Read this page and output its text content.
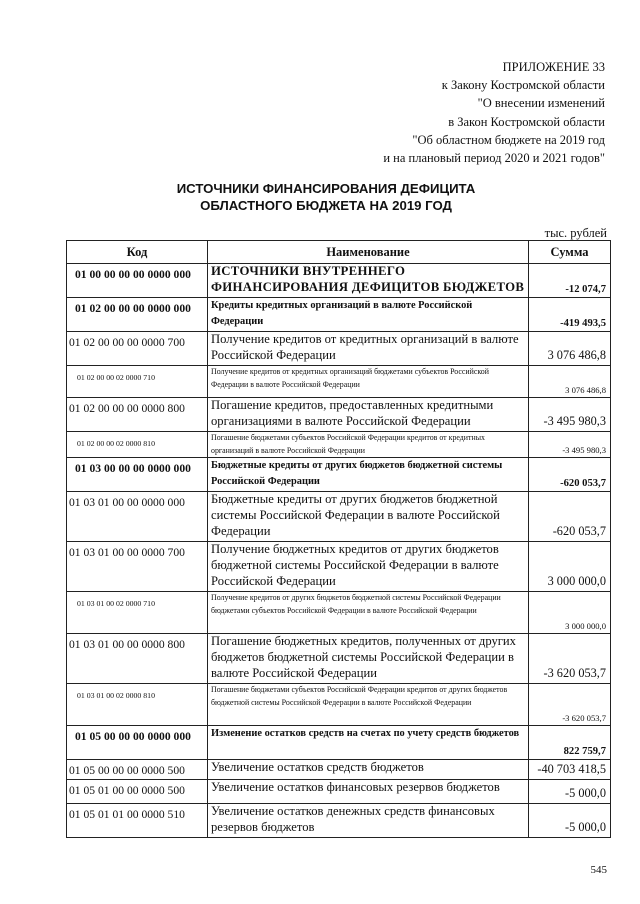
ПРИЛОЖЕНИЕ 33
к Закону Костромской области
"О внесении изменений
в Закон Костромской области
"Об областном бюджете на 2019 год
и на плановый период 2020 и 2021 годов"
ИСТОЧНИКИ ФИНАНСИРОВАНИЯ ДЕФИЦИТА
ОБЛАСТНОГО БЮДЖЕТА НА 2019 ГОД
тыс. рублей
Код	Наименование	Сумма
01 00 00 00 00 0000 000	ИСТОЧНИКИ ВНУТРЕННЕГО ФИНАНСИРОВАНИЯ ДЕФИЦИТОВ БЮДЖЕТОВ	-12 074,7
01 02 00 00 00 0000 000	Кредиты кредитных организаций в валюте Российской Федерации	-419 493,5
01 02 00 00 00 0000 700	Получение кредитов от кредитных организаций в валюте Российской Федерации	3 076 486,8
01 02 00 00 02 0000 710	Получение кредитов от кредитных организаций бюджетами субъектов Российской Федерации в валюте Российской Федерации	3 076 486,8
01 02 00 00 00 0000 800	Погашение кредитов, предоставленных кредитными организациями в валюте Российской Федерации	-3 495 980,3
01 02 00 00 02 0000 810	Погашение бюджетами субъектов Российской Федерации кредитов от кредитных организаций в валюте Российской Федерации	-3 495 980,3
01 03 00 00 00 0000 000	Бюджетные кредиты от других бюджетов бюджетной системы Российской Федерации	-620 053,7
01 03 01 00 00 0000 000	Бюджетные кредиты от других бюджетов бюджетной системы Российской Федерации в валюте Российской Федерации	-620 053,7
01 03 01 00 00 0000 700	Получение бюджетных кредитов от других бюджетов бюджетной системы Российской Федерации в валюте Российской Федерации	3 000 000,0
01 03 01 00 02 0000 710	Получение кредитов от других бюджетов бюджетной системы Российской Федерации бюджетами субъектов Российской Федерации в валюте Российской Федерации	3 000 000,0
01 03 01 00 00 0000 800	Погашение бюджетных кредитов, полученных от других бюджетов бюджетной системы Российской Федерации в валюте Российской Федерации	-3 620 053,7
01 03 01 00 02 0000 810	Погашение бюджетами субъектов Российской Федерации кредитов от других бюджетов бюджетной системы Российской Федерации в валюте Российской Федерации	-3 620 053,7
01 05 00 00 00 0000 000	Изменение остатков средств на счетах по учету средств бюджетов	822 759,7
01 05 00 00 00 0000 500	Увеличение остатков средств бюджетов	-40 703 418,5
01 05 01 00 00 0000 500	Увеличение остатков финансовых резервов бюджетов	-5 000,0
01 05 01 01 00 0000 510	Увеличение остатков денежных средств финансовых резервов бюджетов	-5 000,0
545
